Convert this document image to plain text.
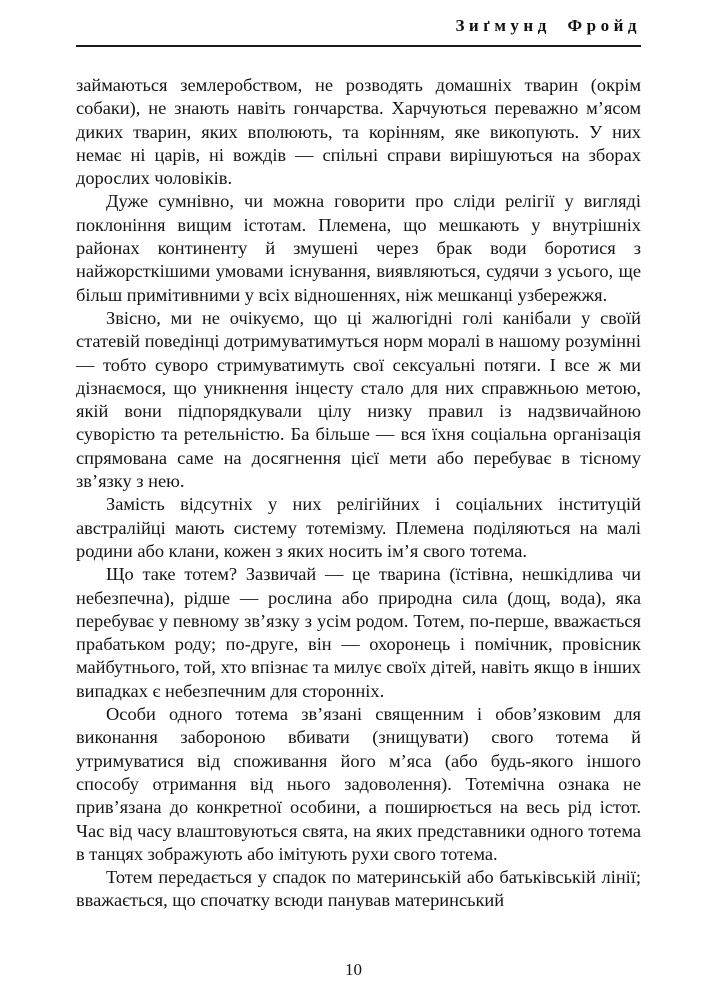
Зиґмунд Фройд

займаються землеробством, не розводять домашніх тварин (окрім собаки), не знають навіть гончарства. Харчуються переважно м’ясом диких тварин, яких вполюють, та корінням, яке викопують. У них немає ні царів, ні вождів — спільні справи вирішуються на зборах дорослих чоловіків.

Дуже сумнівно, чи можна говорити про сліди релігії у вигляді поклоніння вищим істотам. Племена, що мешкають у внутрішніх районах континенту й змушені через брак води боротися з найжорсткішими умовами існування, виявляються, судячи з усього, ще більш примітивними у всіх відношеннях, ніж мешканці узбережжя.

Звісно, ми не очікуємо, що ці жалюгідні голі канібали у своїй статевій поведінці дотримуватимуться норм моралі в нашому розумінні — тобто суворо стримуватимуть свої сексуальні потяги. І все ж ми дізнаємося, що уникнення інцесту стало для них справжньою метою, якій вони підпорядкували цілу низку правил із надзвичайною суворістю та ретельністю. Ба більше — вся їхня соціальна організація спрямована саме на досягнення цієї мети або перебуває в тісному зв’язку з нею.

Замість відсутніх у них релігійних і соціальних інституцій австралійці мають систему тотемізму. Племена поділяються на малі родини або клани, кожен з яких носить ім’я свого тотема.

Що таке тотем? Зазвичай — це тварина (їстівна, нешкідлива чи небезпечна), рідше — рослина або природна сила (дощ, вода), яка перебуває у певному зв’язку з усім родом. Тотем, по-перше, вважається прабатьком роду; по-друге, він — охоронець і помічник, провісник майбутнього, той, хто впізнає та милує своїх дітей, навіть якщо в інших випадках є небезпечним для сторонніх.

Особи одного тотема зв’язані священним і обов’язковим для виконання забороною вбивати (знищувати) свого тотема й утримуватися від споживання його м’яса (або будь-якого іншого способу отримання від нього задоволення). Тотемічна ознака не прив’язана до конкретної особини, а поширюється на весь рід істот. Час від часу влаштовуються свята, на яких представники одного тотема в танцях зображують або імітують рухи свого тотема.

Тотем передається у спадок по материнській або батьківській лінії; вважається, що спочатку всюди панував материнський

10
